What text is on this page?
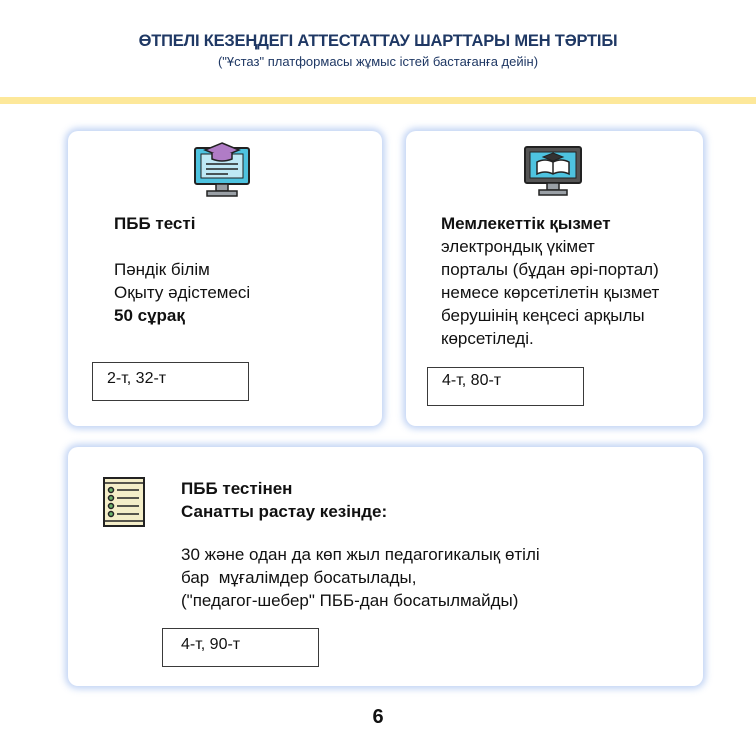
ӨТПЕЛІ КЕЗЕҢДЕГІ АТТЕСТАТТАУ ШАРТТАРЫ МЕН ТӘРТІБІ
("Ұстаз" платформасы жұмыс істей бастағанға дейін)
ПББ тесті
Пәндік білім
Оқыту әдістемесі
50 сұрақ
2-т, 32-т
Мемлекеттік қызмет
электрондық үкімет
порталы (бұдан әрі-портал)
немесе көрсетілетін қызмет
берушінің кеңсесі арқылы
көрсетіледі.
4-т, 80-т
ПББ тестінен
Санатты растау кезінде:
30 және одан да көп жыл педагогикалық өтілі
бар  мұғалімдер босатылады,
("педагог-шебер" ПББ-дан босатылмайды)
4-т, 90-т
6
